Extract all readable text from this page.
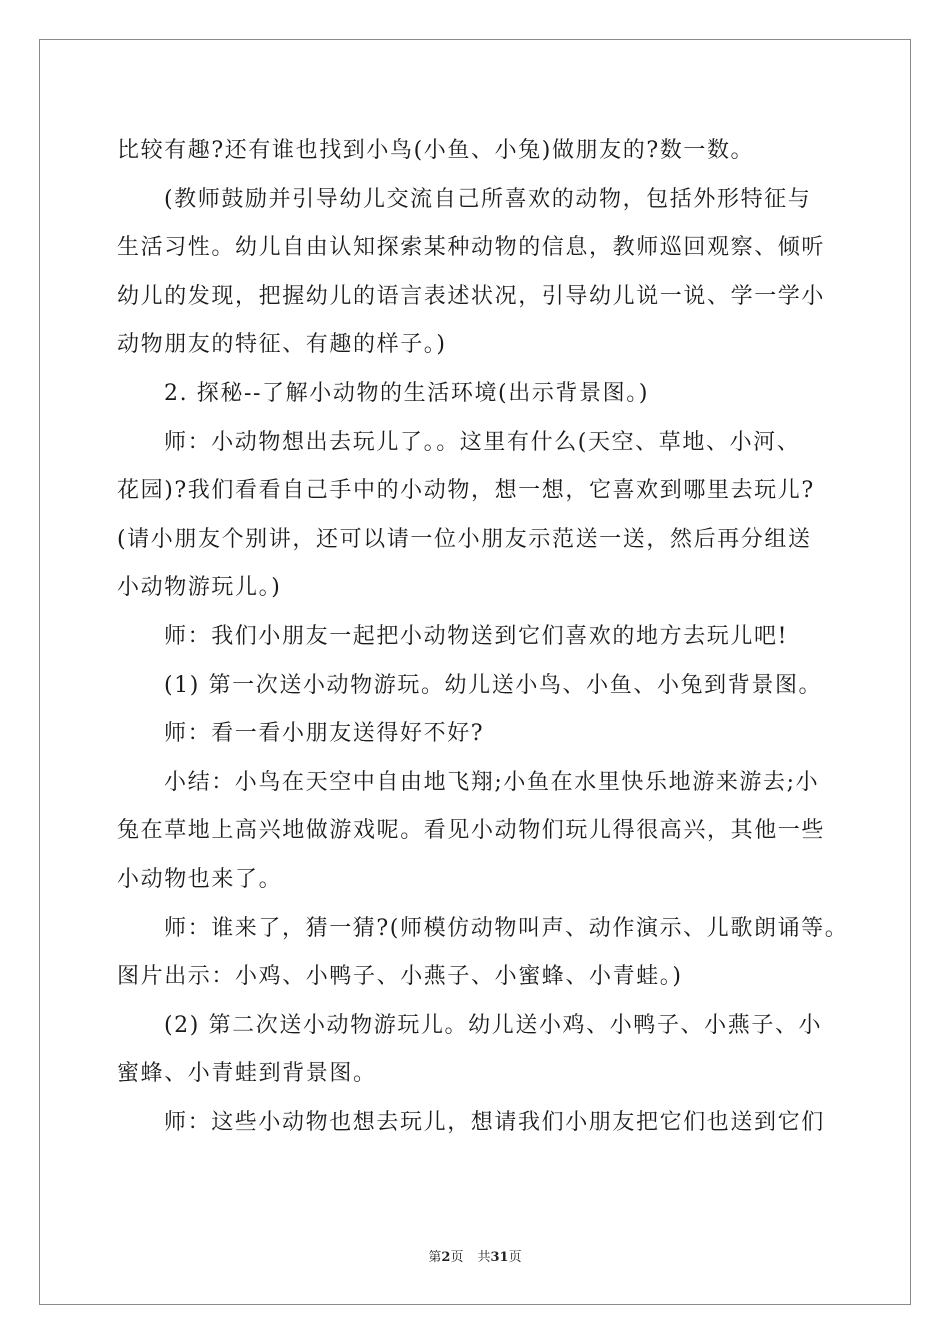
比较有趣?还有谁也找到小鸟(小鱼、小兔)做朋友的?数一数。
(教师鼓励并引导幼儿交流自己所喜欢的动物，包括外形特征与
生活习性。幼儿自由认知探索某种动物的信息，教师巡回观察、倾听
幼儿的发现，把握幼儿的语言表述状况，引导幼儿说一说、学一学小
动物朋友的特征、有趣的样子。)
2. 探秘--了解小动物的生活环境(出示背景图。)
师：小动物想出去玩儿了。。这里有什么(天空、草地、小河、
花园)?我们看看自己手中的小动物，想一想，它喜欢到哪里去玩儿?
(请小朋友个别讲，还可以请一位小朋友示范送一送，然后再分组送
小动物游玩儿。)
师：我们小朋友一起把小动物送到它们喜欢的地方去玩儿吧!
(1) 第一次送小动物游玩。幼儿送小鸟、小鱼、小兔到背景图。
师：看一看小朋友送得好不好?
小结：小鸟在天空中自由地飞翔;小鱼在水里快乐地游来游去;小
兔在草地上高兴地做游戏呢。看见小动物们玩儿得很高兴，其他一些
小动物也来了。
师：谁来了，猜一猜?(师模仿动物叫声、动作演示、儿歌朗诵等。
图片出示：小鸡、小鸭子、小燕子、小蜜蜂、小青蛙。)
(2) 第二次送小动物游玩儿。幼儿送小鸡、小鸭子、小燕子、小
蜜蜂、小青蛙到背景图。
师：这些小动物也想去玩儿，想请我们小朋友把它们也送到它们
第2页 共31页
